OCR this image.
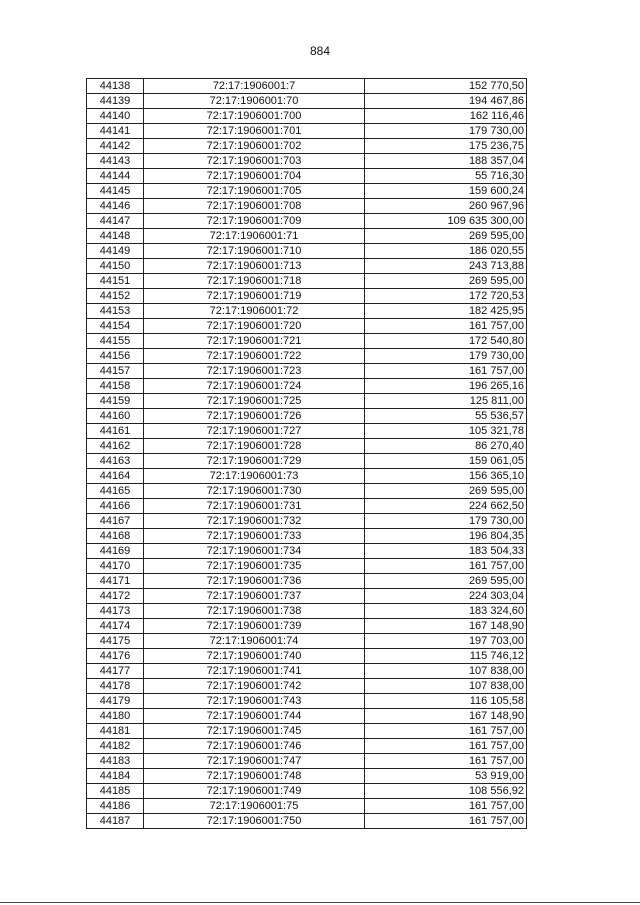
884
44138	72:17:1906001:7	152 770,50
44139	72:17:1906001:70	194 467,86
44140	72:17:1906001:700	162 116,46
44141	72:17:1906001:701	179 730,00
44142	72:17:1906001:702	175 236,75
44143	72:17:1906001:703	188 357,04
44144	72:17:1906001:704	55 716,30
44145	72:17:1906001:705	159 600,24
44146	72:17:1906001:708	260 967,96
44147	72:17:1906001:709	109 635 300,00
44148	72:17:1906001:71	269 595,00
44149	72:17:1906001:710	186 020,55
44150	72:17:1906001:713	243 713,88
44151	72:17:1906001:718	269 595,00
44152	72:17:1906001:719	172 720,53
44153	72:17:1906001:72	182 425,95
44154	72:17:1906001:720	161 757,00
44155	72:17:1906001:721	172 540,80
44156	72:17:1906001:722	179 730,00
44157	72:17:1906001:723	161 757,00
44158	72:17:1906001:724	196 265,16
44159	72:17:1906001:725	125 811,00
44160	72:17:1906001:726	55 536,57
44161	72:17:1906001:727	105 321,78
44162	72:17:1906001:728	86 270,40
44163	72:17:1906001:729	159 061,05
44164	72:17:1906001:73	156 365,10
44165	72:17:1906001:730	269 595,00
44166	72:17:1906001:731	224 662,50
44167	72:17:1906001:732	179 730,00
44168	72:17:1906001:733	196 804,35
44169	72:17:1906001:734	183 504,33
44170	72:17:1906001:735	161 757,00
44171	72:17:1906001:736	269 595,00
44172	72:17:1906001:737	224 303,04
44173	72:17:1906001:738	183 324,60
44174	72:17:1906001:739	167 148,90
44175	72:17:1906001:74	197 703,00
44176	72:17:1906001:740	115 746,12
44177	72:17:1906001:741	107 838,00
44178	72:17:1906001:742	107 838,00
44179	72:17:1906001:743	116 105,58
44180	72:17:1906001:744	167 148,90
44181	72:17:1906001:745	161 757,00
44182	72:17:1906001:746	161 757,00
44183	72:17:1906001:747	161 757,00
44184	72:17:1906001:748	53 919,00
44185	72:17:1906001:749	108 556,92
44186	72:17:1906001:75	161 757,00
44187	72:17:1906001:750	161 757,00
